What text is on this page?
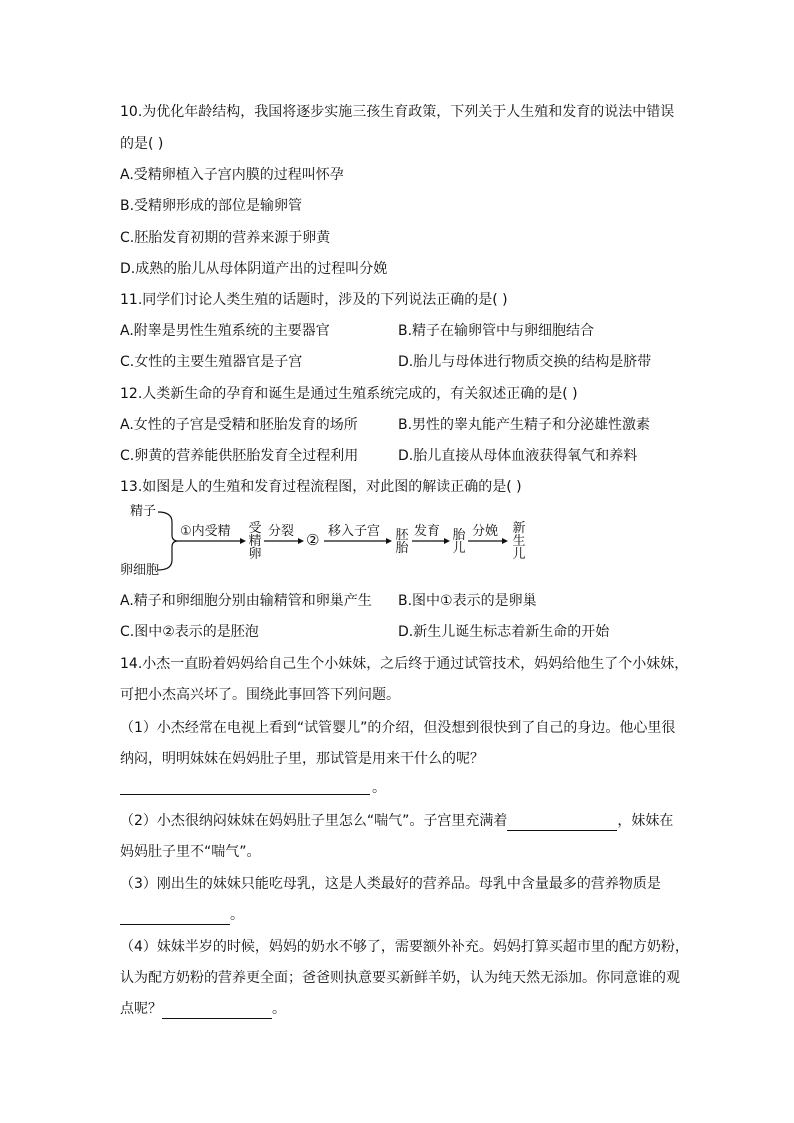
10.为优化年龄结构，我国将逐步实施三孩生育政策，下列关于人生殖和发育的说法中错误
的是( )
A.受精卵植入子宫内膜的过程叫怀孕
B.受精卵形成的部位是输卵管
C.胚胎发育初期的营养来源于卵黄
D.成熟的胎儿从母体阴道产出的过程叫分娩
11.同学们讨论人类生殖的话题时，涉及的下列说法正确的是( )
A.附睾是男性生殖系统的主要器官	B.精子在输卵管中与卵细胞结合
C.女性的主要生殖器官是子宫	D.胎儿与母体进行物质交换的结构是脐带
12.人类新生命的孕育和诞生是通过生殖系统完成的，有关叙述正确的是( )
A.女性的子宫是受精和胚胎发育的场所	B.男性的睾丸能产生精子和分泌雄性激素
C.卵黄的营养能供胚胎发育全过程利用	D.胎儿直接从母体血液获得氧气和养料
13.如图是人的生殖和发育过程流程图，对此图的解读正确的是( )
精子
卵细胞
①内受精 受精卵
分裂 ② 移入子宫 胚胎
发育 胎儿
分娩 新生儿
A.精子和卵细胞分别由输精管和卵巢产生 B.图中①表示的是卵巢
C.图中②表示的是胚泡	D.新生儿诞生标志着新生命的开始
14.小杰一直盼着妈妈给自己生个小妹妹，之后终于通过试管技术，妈妈给他生了个小妹妹，
可把小杰高兴坏了。围绕此事回答下列问题。
（1）小杰经常在电视上看到“试管婴儿”的介绍，但没想到很快到了自己的身边。他心里很
纳闷，明明妹妹在妈妈肚子里，那试管是用来干什么的呢？
。
（2）小杰很纳闷妹妹在妈妈肚子里怎么“喘气”。子宫里充满着	，妹妹在
妈妈肚子里不“喘气”。
（3）刚出生的妹妹只能吃母乳，这是人类最好的营养品。母乳中含量最多的营养物质是
。
（4）妹妹半岁的时候，妈妈的奶水不够了，需要额外补充。妈妈打算买超市里的配方奶粉，
认为配方奶粉的营养更全面；爸爸则执意要买新鲜羊奶，认为纯天然无添加。你同意谁的观
点呢？	。
